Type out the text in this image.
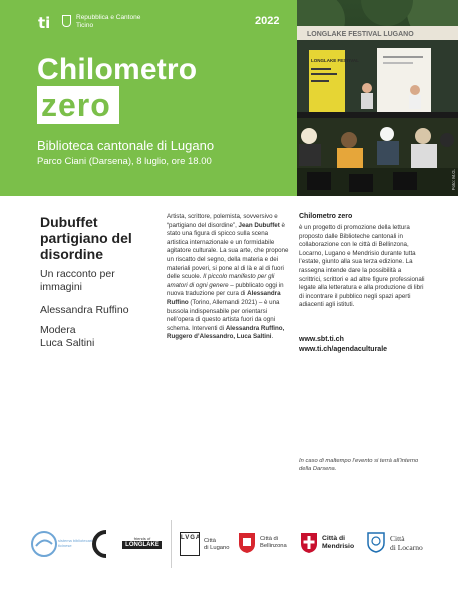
ti	Repubblica e Cantone
Ticino	2022
Chilometro
zero
Biblioteca cantonale di Lugano
Parco Ciani (Darsena), 8 luglio, ore 18.00
LONGLAKE FESTIVAL LUGANO
LONGLAKE FESTIVAL
Foto: M.G.
Dubuffet partigiano del disordine
Un racconto per immagini
Alessandra Ruffino
Modera
Luca Saltini
Artista, scrittore, polemista, sovversivo e “partigiano del disordine”, Jean Dubuffet è stato una figura di spicco sulla scena artistica internazionale e un formidabile agitatore culturale. La sua arte, che propone un riscatto del segno, della materia e dei materiali poveri, si pone al di là e al di fuori delle scuole. Il piccolo manifesto per gli amatori di ogni genere – pubblicato oggi in nuova traduzione per cura di Alessandra Ruffino (Torino, Allemandi 2021) – è una bussola indispensabile per orientarsi nell’opera di questo artista fuori da ogni schema. Interventi di Alessandra Ruffino, Ruggero d’Alessandro, Luca Saltini.
Chilometro zero
è un progetto di promozione della lettura proposto dalle Biblioteche cantonali in collaborazione con le città di Bellinzona, Locarno, Lugano e Mendrisio durante tutta l’estate, giunto alla sua terza edizione. La rassegna intende dare la possibilità a scrittrici, scrittori e ad altre figure professionali legate alla letteratura e alla produzione di libri di incontrare il pubblico negli spazi aperti adiacenti agli istituti.
www.sbt.ti.ch
www.ti.ch/agendaculturale
In caso di maltempo l’evento si terrà all’interno della Darsena.
sistema bibliotecario ticinese
friends of
LONGLAKE
LVGA Città
di Lugano
Città di
Bellinzona
Città di
Mendrisio
Città
di Locarno
